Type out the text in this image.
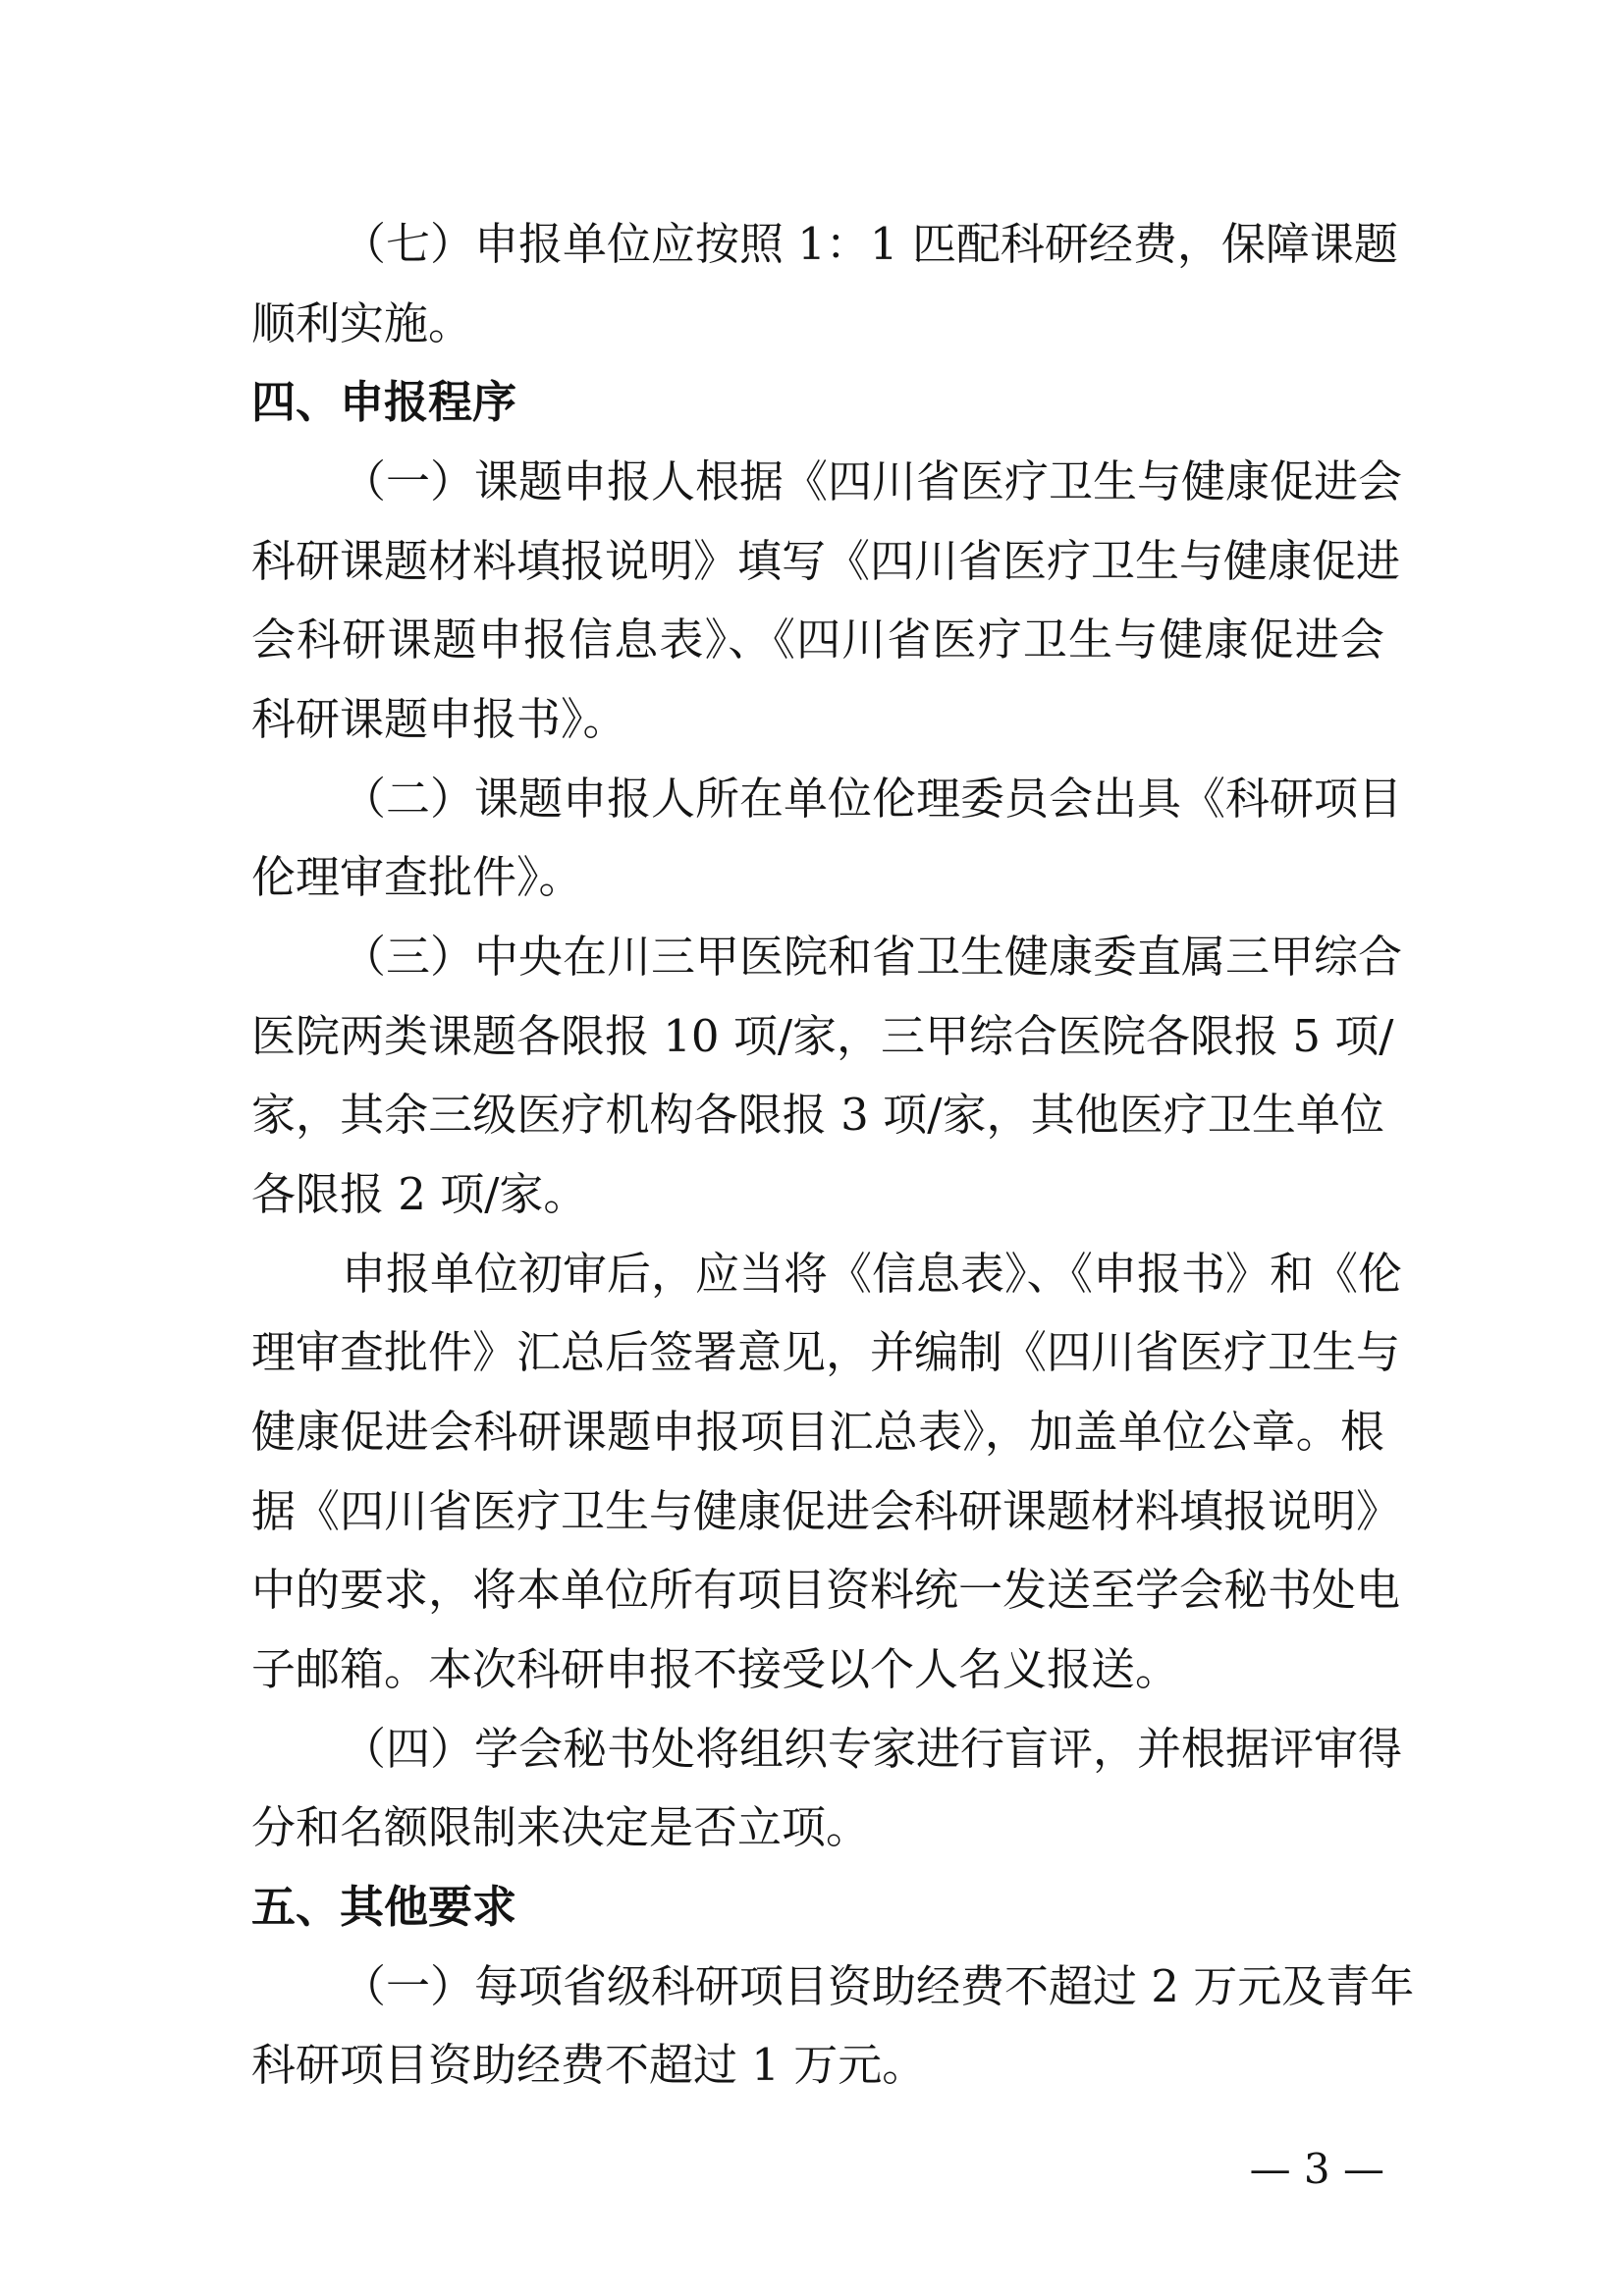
（七）申报单位应按照 1：1 匹配科研经费，保障课题
顺利实施。
四、申报程序
（一）课题申报人根据《四川省医疗卫生与健康促进会
科研课题材料填报说明》填写《四川省医疗卫生与健康促进
会科研课题申报信息表》、《四川省医疗卫生与健康促进会
科研课题申报书》。
（二）课题申报人所在单位伦理委员会出具《科研项目
伦理审查批件》。
（三）中央在川三甲医院和省卫生健康委直属三甲综合
医院两类课题各限报 10 项/家，三甲综合医院各限报 5 项/
家，其余三级医疗机构各限报 3 项/家，其他医疗卫生单位
各限报 2 项/家。
申报单位初审后，应当将《信息表》、《申报书》和《伦
理审查批件》汇总后签署意见，并编制《四川省医疗卫生与
健康促进会科研课题申报项目汇总表》，加盖单位公章。根
据《四川省医疗卫生与健康促进会科研课题材料填报说明》
中的要求，将本单位所有项目资料统一发送至学会秘书处电
子邮箱。本次科研申报不接受以个人名义报送。
（四）学会秘书处将组织专家进行盲评，并根据评审得
分和名额限制来决定是否立项。
五、其他要求
（一）每项省级科研项目资助经费不超过 2 万元及青年
科研项目资助经费不超过 1 万元。
— 3 —
